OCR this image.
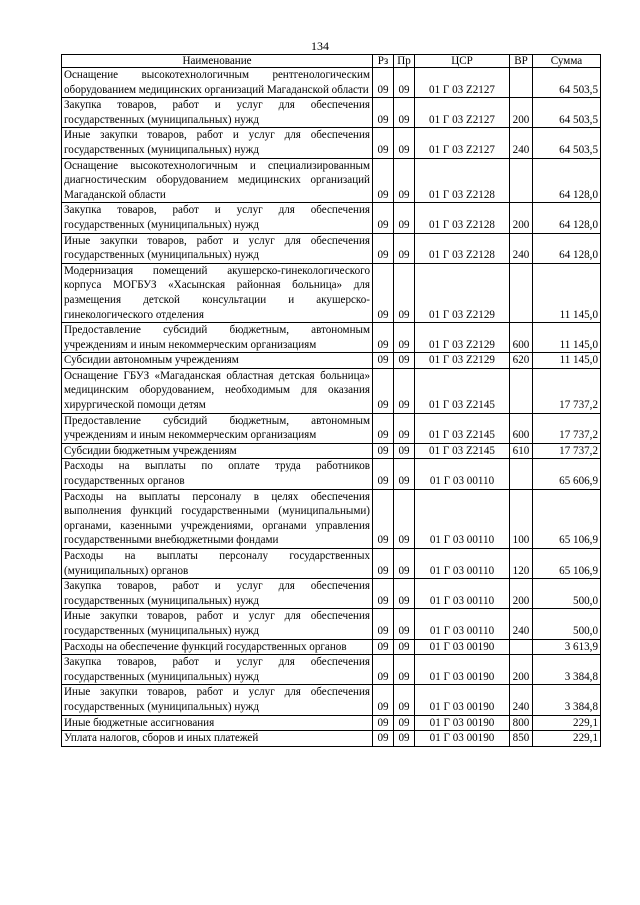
134
Наименование	Рз	Пр	ЦСР	ВР	Сумма
Оснащение высокотехнологичным рентгенологическим оборудованием медицинских организаций Магаданской области	09	09	01 Г 03 Z2127		64 503,5
Закупка товаров, работ и услуг для обеспечения государственных (муниципальных) нужд	09	09	01 Г 03 Z2127	200	64 503,5
Иные закупки товаров, работ и услуг для обеспечения государственных (муниципальных) нужд	09	09	01 Г 03 Z2127	240	64 503,5
Оснащение высокотехнологичным и специализированным диагностическим оборудованием медицинских организаций Магаданской области	09	09	01 Г 03 Z2128		64 128,0
Закупка товаров, работ и услуг для обеспечения государственных (муниципальных) нужд	09	09	01 Г 03 Z2128	200	64 128,0
Иные закупки товаров, работ и услуг для обеспечения государственных (муниципальных) нужд	09	09	01 Г 03 Z2128	240	64 128,0
Модернизация помещений акушерско-гинекологического корпуса МОГБУЗ «Хасынская районная больница» для размещения детской консультации и акушерско-гинекологического отделения	09	09	01 Г 03 Z2129		11 145,0
Предоставление субсидий бюджетным, автономным учреждениям и иным некоммерческим организациям	09	09	01 Г 03 Z2129	600	11 145,0
Субсидии автономным учреждениям	09	09	01 Г 03 Z2129	620	11 145,0
Оснащение ГБУЗ «Магаданская областная детская больница» медицинским оборудованием, необходимым для оказания хирургической помощи детям	09	09	01 Г 03 Z2145		17 737,2
Предоставление субсидий бюджетным, автономным учреждениям и иным некоммерческим организациям	09	09	01 Г 03 Z2145	600	17 737,2
Субсидии бюджетным учреждениям	09	09	01 Г 03 Z2145	610	17 737,2
Расходы на выплаты по оплате труда работников государственных органов	09	09	01 Г 03 00110		65 606,9
Расходы на выплаты персоналу в целях обеспечения выполнения функций государственными (муниципальными) органами, казенными учреждениями, органами управления государственными внебюджетными фондами	09	09	01 Г 03 00110	100	65 106,9
Расходы на выплаты персоналу государственных (муниципальных) органов	09	09	01 Г 03 00110	120	65 106,9
Закупка товаров, работ и услуг для обеспечения государственных (муниципальных) нужд	09	09	01 Г 03 00110	200	500,0
Иные закупки товаров, работ и услуг для обеспечения государственных (муниципальных) нужд	09	09	01 Г 03 00110	240	500,0
Расходы на обеспечение функций государственных органов	09	09	01 Г 03 00190		3 613,9
Закупка товаров, работ и услуг для обеспечения государственных (муниципальных) нужд	09	09	01 Г 03 00190	200	3 384,8
Иные закупки товаров, работ и услуг для обеспечения государственных (муниципальных) нужд	09	09	01 Г 03 00190	240	3 384,8
Иные бюджетные ассигнования	09	09	01 Г 03 00190	800	229,1
Уплата налогов, сборов и иных платежей	09	09	01 Г 03 00190	850	229,1
